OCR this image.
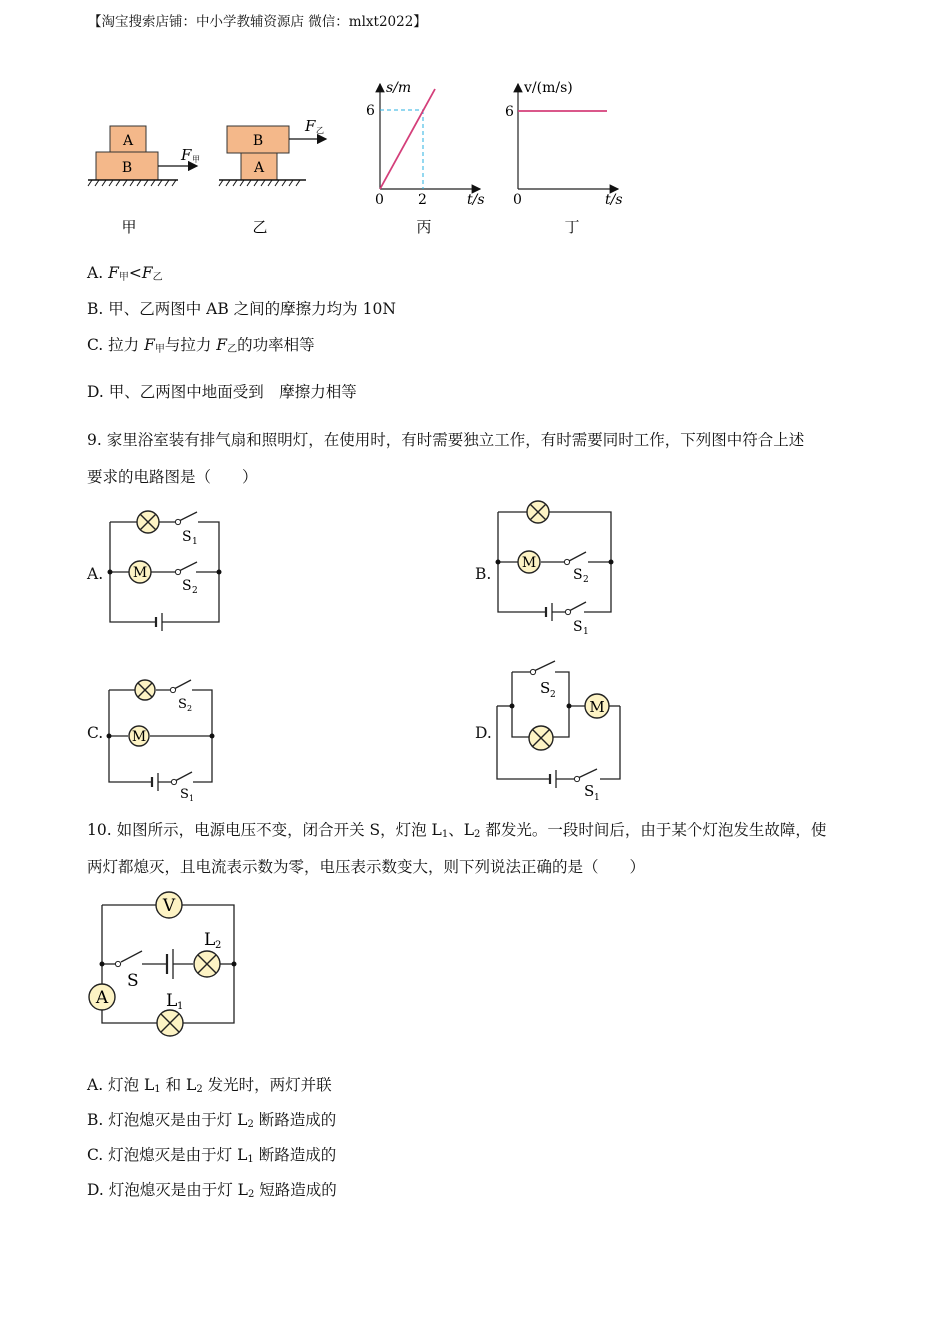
【淘宝搜索店铺：中小学教辅资源店 微信：mlxt2022】
A
B
F 甲
甲
B
A
F 乙
乙
s/m
t/s
6
2
0
丙
v/(m/s)
t/s
6
0
丁
A. $F_甲<F_乙$
B. 甲、乙两图中 AB 之间的摩擦力均为 10N
C. 拉力 $F_甲$与拉力 $F_乙$的功率相等
D. 甲、乙两图中地面受到　摩擦力相等
9. 家里浴室装有排气扇和照明灯，在使用时，有时需要独立工作，有时需要同时工作，下列图中符合上述
要求的电路图是（　　）
A.	B.
C.	D.
M
M
M
M
S 1
S 2
S 2
S 1
S 2
S 1
S 2
S 1
10. 如图所示，电源电压不变，闭合开关 S，灯泡 $L_1$、$L_2$ 都发光。一段时间后，由于某个灯泡发生故障，使
两灯都熄灭，且电流表示数为零，电压表示数变大，则下列说法正确的是（　　）
V
A
S
L 2
L 1
A. 灯泡 $L_1$ 和 $L_2$ 发光时，两灯并联
B. 灯泡熄灭是由于灯 $L_2$ 断路造成的
C. 灯泡熄灭是由于灯 $L_1$ 断路造成的
D. 灯泡熄灭是由于灯 $L_2$ 短路造成的
